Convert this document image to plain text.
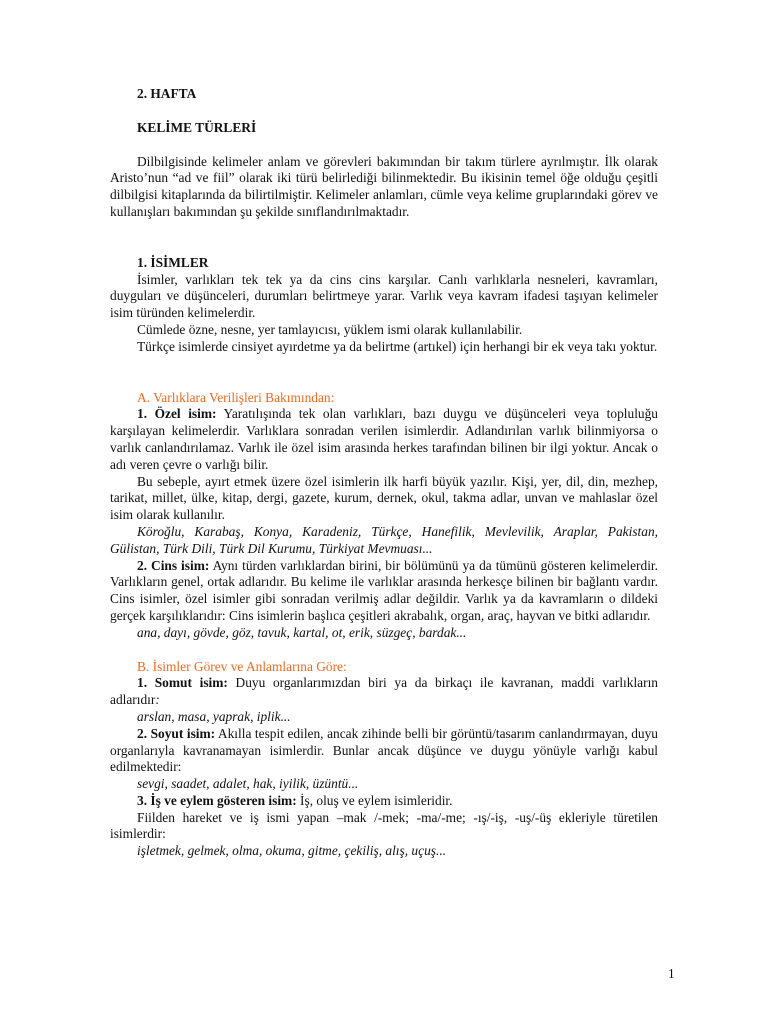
2. HAFTA

KELİME TÜRLERİ

Dilbilgisinde kelimeler anlam ve görevleri bakımından bir takım türlere ayrılmıştır. İlk olarak Aristo’nun “ad ve fiil” olarak iki türü belirlediği bilinmektedir. Bu ikisinin temel öğe olduğu çeşitli dilbilgisi kitaplarında da bilirtilmiştir. Kelimeler anlamları, cümle veya kelime gruplarındaki görev ve kullanışları bakımından şu şekilde sınıflandırılmaktadır.

1. İSİMLER

İsimler, varlıkları tek tek ya da cins cins karşılar. Canlı varlıklarla nesneleri, kavramları, duyguları ve düşünceleri, durumları belirtmeye yarar. Varlık veya kavram ifadesi taşıyan kelimeler isim türünden kelimelerdir.

Cümlede özne, nesne, yer tamlayıcısı, yüklem ismi olarak kullanılabilir.

Türkçe isimlerde cinsiyet ayırdetme ya da belirtme (artıkel) için herhangi bir ek veya takı yoktur.

A. Varlıklara Verilişleri Bakımından:

1. Özel isim: Yaratılışında tek olan varlıkları, bazı duygu ve düşünceleri veya topluluğu karşılayan kelimelerdir. Varlıklara sonradan verilen isimlerdir. Adlandırılan varlık bilinmiyorsa o varlık canlandırılamaz. Varlık ile özel isim arasında herkes tarafından bilinen bir ilgi yoktur. Ancak o adı veren çevre o varlığı bilir.

Bu sebeple, ayırt etmek üzere özel isimlerin ilk harfi büyük yazılır. Kişi, yer, dil, din, mezhep, tarikat, millet, ülke, kitap, dergi, gazete, kurum, dernek, okul, takma adlar, unvan ve mahlaslar özel isim olarak kullanılır.

Köroğlu, Karabaş, Konya, Karadeniz, Türkçe, Hanefilik, Mevlevilik, Araplar, Pakistan, Gülistan, Türk Dili, Türk Dil Kurumu, Türkiyat Mevmuası...

2. Cins isim: Aynı türden varlıklardan birini, bir bölümünü ya da tümünü gösteren kelimelerdir. Varlıkların genel, ortak adlarıdır. Bu kelime ile varlıklar arasında herkesçe bilinen bir bağlantı vardır. Cins isimler, özel isimler gibi sonradan verilmiş adlar değildir. Varlık ya da kavramların o dildeki gerçek karşılıklarıdır: Cins isimlerin başlıca çeşitleri akrabalık, organ, araç, hayvan ve bitki adlarıdır.

ana, dayı, gövde, göz, tavuk, kartal, ot, erik, süzgeç, bardak...

B. İsimler Görev ve Anlamlarına Göre:

1. Somut isim: Duyu organlarımızdan biri ya da birkaçı ile kavranan, maddi varlıkların adlarıdır:

arslan, masa, yaprak, iplik...

2. Soyut isim: Akılla tespit edilen, ancak zihinde belli bir görüntü/tasarım canlandırmayan, duyu organlarıyla kavranamayan isimlerdir. Bunlar ancak düşünce ve duygu yönüyle varlığı kabul edilmektedir:

sevgi, saadet, adalet, hak, iyilik, üzüntü...

3. İş ve eylem gösteren isim: İş, oluş ve eylem isimleridir.

Fiilden hareket ve iş ismi yapan –mak /-mek; -ma/-me; -ış/-iş, -uş/-üş ekleriyle türetilen isimlerdir:

işletmek, gelmek, olma, okuma, gitme, çekiliş, alış, uçuş...

1
